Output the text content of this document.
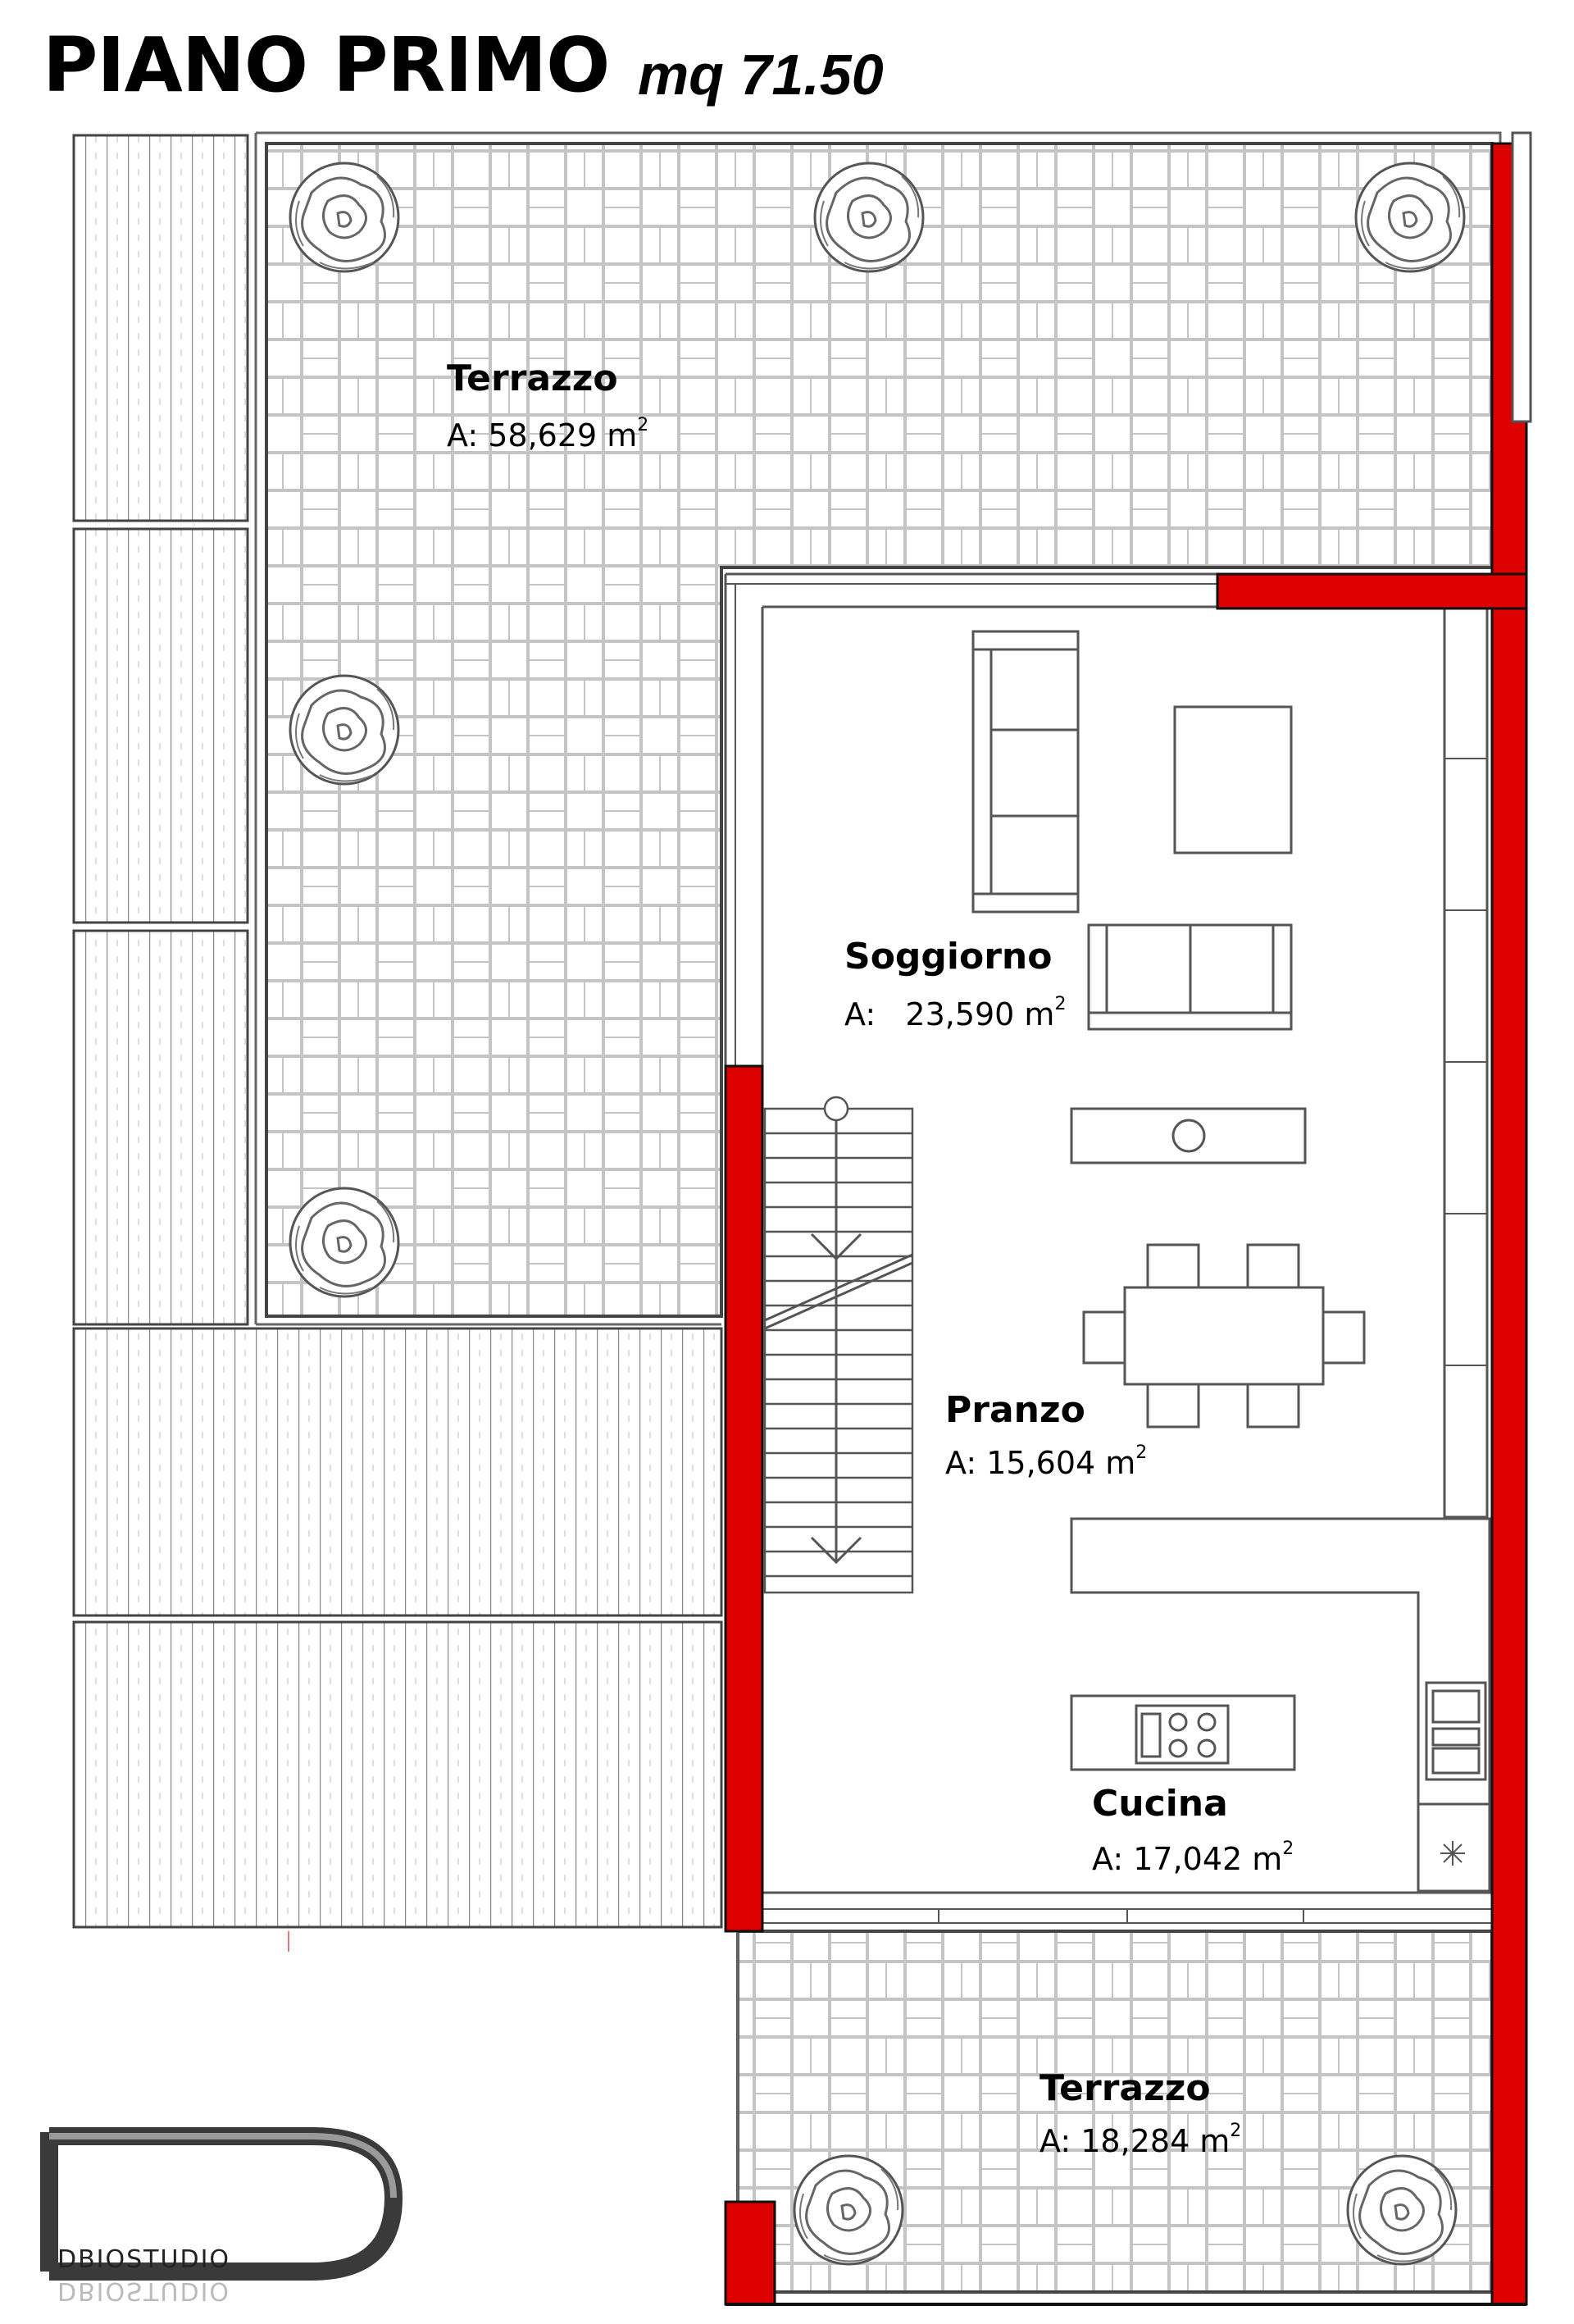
PIANO PRIMO mq 71.50
Terrazzo
A: 58,629 $m^2$
Soggiorno
A: 23,590 $m^2$
Pranzo
A: 15,604 $m^2$
Cucina
A: 17,042 $m^2$
Terrazzo
A: 18,284 $m^2$
DBIOSTUDIO
DBIOSTUDIO
